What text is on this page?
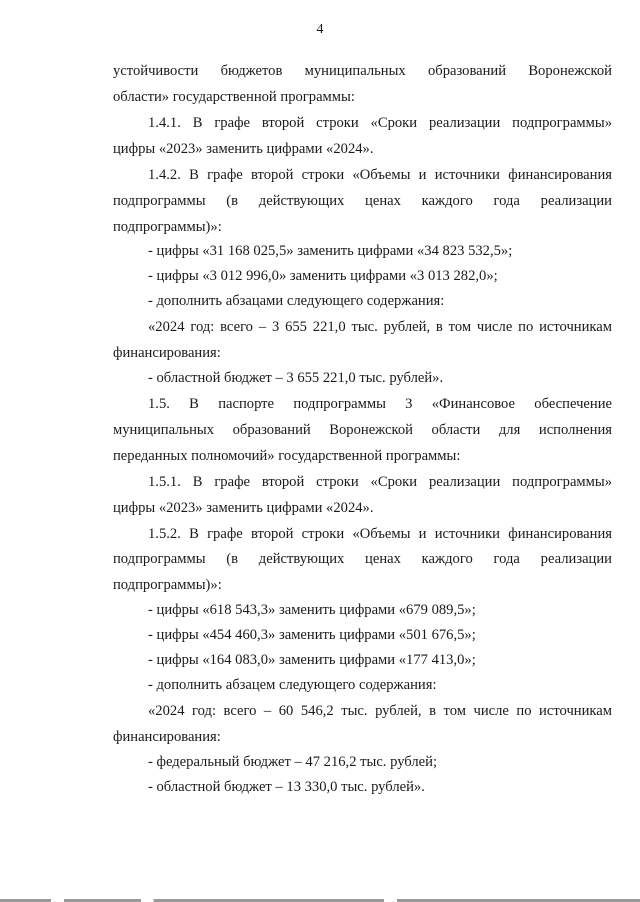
4
устойчивости бюджетов муниципальных образований Воронежской
области» государственной программы:
1.4.1. В графе второй строки «Сроки реализации подпрограммы»
цифры «2023» заменить цифрами «2024».
1.4.2. В графе второй строки «Объемы и источники финансирования
подпрограммы (в действующих ценах каждого года реализации
подпрограммы)»:
- цифры «31 168 025,5» заменить цифрами «34 823 532,5»;
- цифры «3 012 996,0» заменить цифрами «3 013 282,0»;
- дополнить абзацами следующего содержания:
«2024 год: всего – 3 655 221,0 тыс. рублей, в том числе по источникам
финансирования:
- областной бюджет – 3 655 221,0 тыс. рублей».
1.5. В паспорте подпрограммы 3 «Финансовое обеспечение
муниципальных образований Воронежской области для исполнения
переданных полномочий» государственной программы:
1.5.1. В графе второй строки «Сроки реализации подпрограммы»
цифры «2023» заменить цифрами «2024».
1.5.2. В графе второй строки «Объемы и источники финансирования
подпрограммы (в действующих ценах каждого года реализации
подпрограммы)»:
- цифры «618 543,3» заменить цифрами «679 089,5»;
- цифры «454 460,3» заменить цифрами «501 676,5»;
- цифры «164 083,0» заменить цифрами «177 413,0»;
- дополнить абзацем следующего содержания:
«2024 год: всего – 60 546,2 тыс. рублей, в том числе по источникам
финансирования:
- федеральный бюджет – 47 216,2 тыс. рублей;
- областной бюджет – 13 330,0 тыс. рублей».
